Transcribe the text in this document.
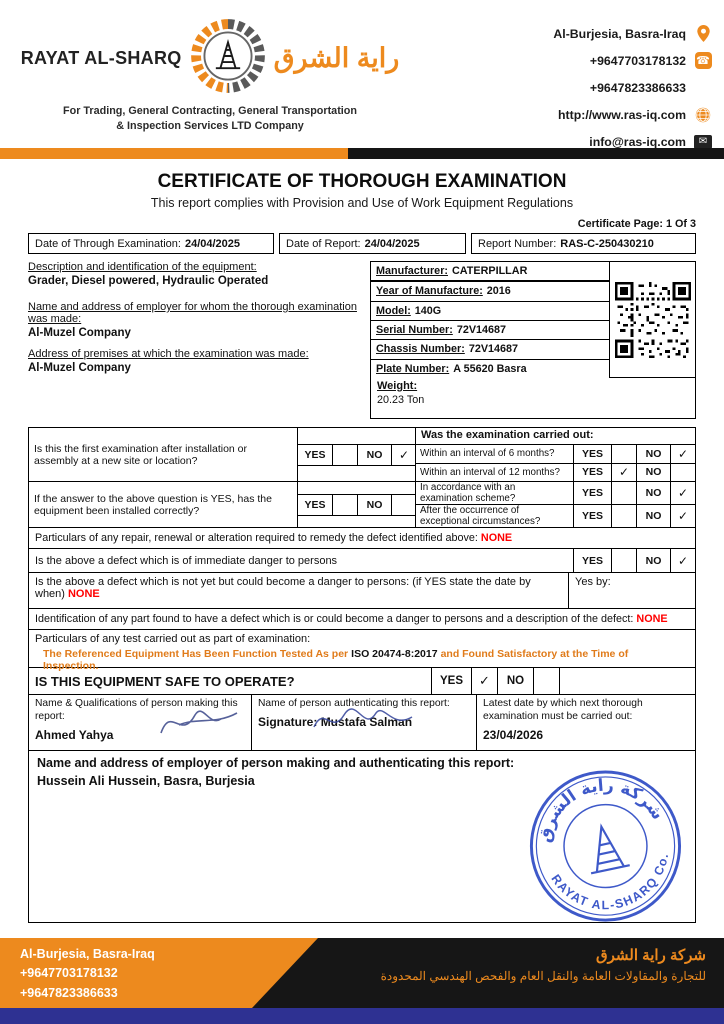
RAYAT AL-SHARQ	راية الشرق
For Trading, General Contracting, General Transportation
& Inspection Services LTD Company
Al-Burjesia, Basra-Iraq
+9647703178132 ☎
+9647823386633
http://www.ras-iq.com
info@ras-iq.com	✉
CERTIFICATE OF THOROUGH EXAMINATION
This report complies with Provision and Use of Work Equipment Regulations
Certificate Page: 1 Of 3
Date of Through Examination: 24/04/2025	Date of Report: 24/04/2025	Report Number: RAS-C-250430210
Description and identification of the equipment:
Grader, Diesel powered, Hydraulic Operated
Name and address of employer for whom the thorough examination was made:
Al-Muzel Company
Address of premises at which the examination was made:
Al-Muzel Company
Manufacturer: CATERPILLAR
Year of Manufacture: 2016
Model: 140G
Serial Number: 72V14687
Chassis Number: 72V14687
Plate Number: A 55620 Basra
Weight:
20.23 Ton
Is this the first examination after installation or assembly at a new site or location?	YES	NO	✓
Was the examination carried out:
Within an interval of 6 months?	YES	NO	✓
Within an interval of 12 months?	YES	✓	NO
If the answer to the above question is YES, has the equipment been installed correctly?	YES	NO
In accordance with an examination scheme?	YES	NO	✓
After the occurrence of exceptional circumstances?	YES	NO	✓
Particulars of any repair, renewal or alteration required to remedy the defect identified above: NONE
Is the above a defect which is of immediate danger to persons	YES	NO	✓
Is the above a defect which is not yet but could become a danger to persons: (if YES state the date by when) NONE
Yes by:
Identification of any part found to have a defect which is or could become a danger to persons and a description of the defect: NONE
Particulars of any test carried out as part of examination:
The Referenced Equipment Has Been Function Tested As per ISO 20474-8:2017 and Found Satisfactory at the Time of Inspection.
IS THIS EQUIPMENT SAFE TO OPERATE?	YES	✓	NO
Name & Qualifications of person making this report:
Ahmed Yahya
Name of person authenticating this report:
Signature: Mustafa Salman
Latest date by which next thorough examination must be carried out:
23/04/2026
Name and address of employer of person making and authenticating this report:
Hussein Ali Hussein, Basra, Burjesia
شركة راية الشرق
RAYAT AL-SHARQ Co.
Al-Burjesia, Basra-Iraq
+9647703178132
+9647823386633
شركة راية الشرق
للتجارة والمقاولات العامة والنقل العام والفحص الهندسي المحدودة
